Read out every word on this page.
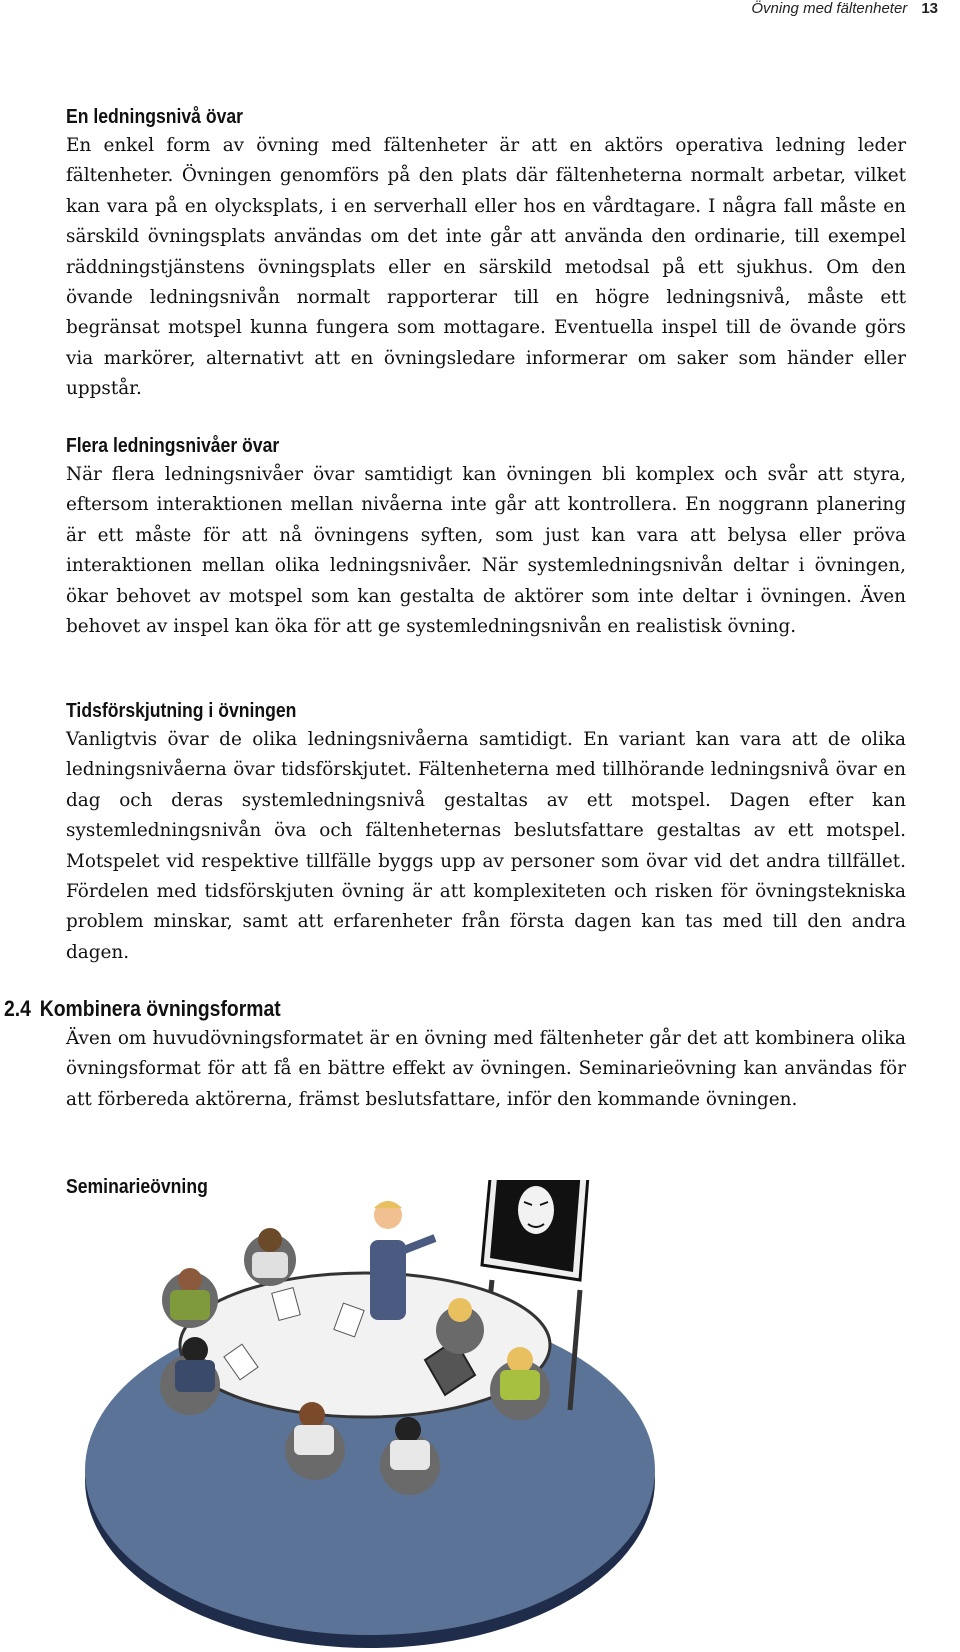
Övning med fältenheter 13
En ledningsnivå övar
En enkel form av övning med fältenheter är att en aktörs operativa ledning leder fältenheter. Övningen genomförs på den plats där fältenheterna normalt arbetar, vilket kan vara på en olycksplats, i en serverhall eller hos en vårdtagare. I några fall måste en särskild övningsplats användas om det inte går att använda den ordinarie, till exempel räddningstjänstens övningsplats eller en särskild metodsal på ett sjukhus. Om den övande ledningsnivån normalt rapporterar till en högre ledningsnivå, måste ett begränsat motspel kunna fungera som mottagare. Eventuella inspel till de övande görs via markörer, alternativt att en övningsledare informerar om saker som händer eller uppstår.
Flera ledningsnivåer övar
När flera ledningsnivåer övar samtidigt kan övningen bli komplex och svår att styra, eftersom interaktionen mellan nivåerna inte går att kontrollera. En noggrann planering är ett måste för att nå övningens syften, som just kan vara att belysa eller pröva interaktionen mellan olika ledningsnivåer. När systemledningsnivån deltar i övningen, ökar behovet av motspel som kan gestalta de aktörer som inte deltar i övningen. Även behovet av inspel kan öka för att ge systemledningsnivån en realistisk övning.
Tidsförskjutning i övningen
Vanligtvis övar de olika ledningsnivåerna samtidigt. En variant kan vara att de olika ledningsnivåerna övar tidsförskjutet. Fältenheterna med tillhörande ledningsnivå övar en dag och deras systemledningsnivå gestaltas av ett motspel. Dagen efter kan systemledningsnivån öva och fältenheternas beslutsfattare gestaltas av ett motspel. Motspelet vid respektive tillfälle byggs upp av personer som övar vid det andra tillfället. Fördelen med tidsförskjuten övning är att komplexiteten och risken för övningstekniska problem minskar, samt att erfarenheter från första dagen kan tas med till den andra dagen.
2.4 Kombinera övningsformat
Även om huvudövningsformatet är en övning med fältenheter går det att kombinera olika övningsformat för att få en bättre effekt av övningen. Seminarieövning kan användas för att förbereda aktörerna, främst beslutsfattare, inför den kommande övningen.
Seminarieövning
